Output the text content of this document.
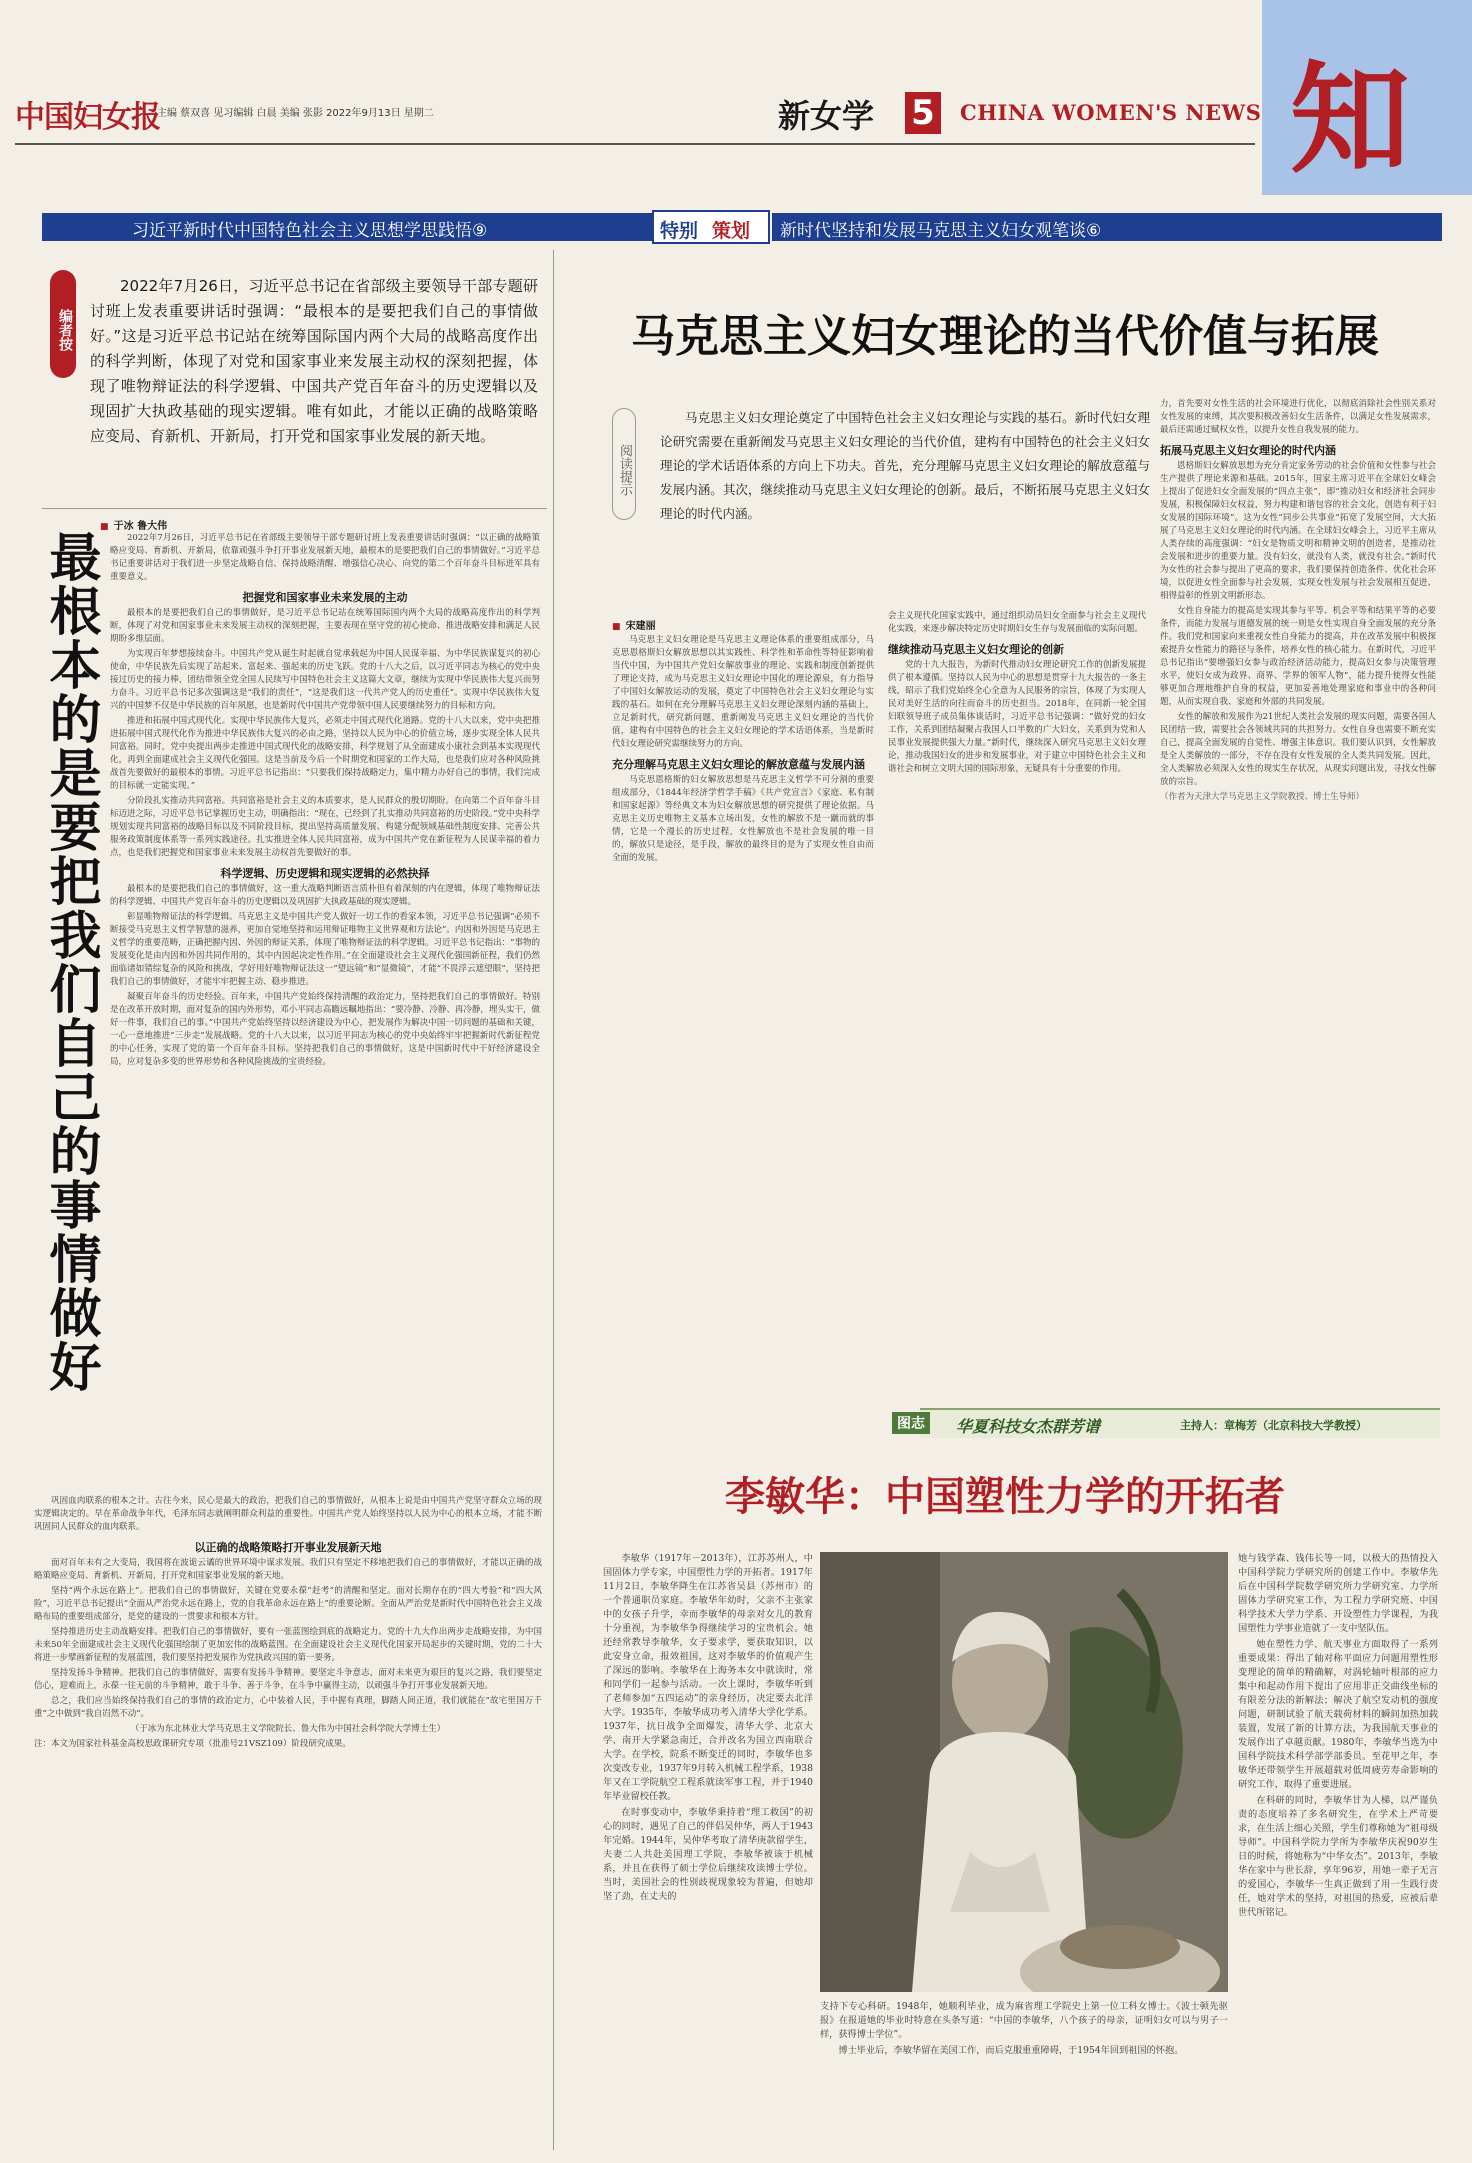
中国妇女报
主编 蔡双喜 见习编辑 白晨 美编 张影 2022年9月13日 星期二	新女学 5 CHINA WOMEN'S NEWS 知
习近平新时代中国特色社会主义思想学思践悟⑨	特别 策划 新时代坚持和发展马克思主义妇女观笔谈⑥
编者按
2022年7月26日，习近平总书记在省部级主要领导干部专题研讨班上发表重要讲话时强调：“最根本的是要把我们自己的事情做好。”这是习近平总书记站在统筹国际国内两个大局的战略高度作出的科学判断，体现了对党和国家事业来发展主动权的深刻把握，体现了唯物辩证法的科学逻辑、中国共产党百年奋斗的历史逻辑以及现固扩大执政基础的现实逻辑。唯有如此，才能以正确的战略策略应变局、育新机、开新局，打开党和国家事业发展的新天地。
最根本的是要把我们自己的事情做好
■ 于冰 鲁大伟

2022年7月26日，习近平总书记在省部级主要领导干部专题研讨班上发表重要讲话时强调：“以正确的战略策略应变局、育新机、开新局，依靠顽强斗争打开事业发展新天地，最根本的是要把我们自己的事情做好。”习近平总书记重要讲话对于我们进一步坚定战略自信、保持战略清醒、增强信心决心、向党的第二个百年奋斗目标进军具有重要意义。

把握党和国家事业未来发展的主动

最根本的是要把我们自己的事情做好，是习近平总书记站在统筹国际国内两个大局的战略高度作出的科学判断，体现了对党和国家事业未来发展主动权的深刻把握，主要表现在坚守党的初心使命、推进战略安排和满足人民期盼多维层面。

为实现百年梦想接续奋斗。中国共产党从诞生时起就自觉承载起为中国人民谋幸福、为中华民族谋复兴的初心使命，中华民族先后实现了站起来、富起来、强起来的历史飞跃。党的十八大之后，以习近平同志为核心的党中央接过历史的接力棒，团结带领全党全国人民续写中国特色社会主义这篇大文章，继续为实现中华民族伟大复兴而努力奋斗。习近平总书记多次强调这是“我们的责任”，“这是我们这一代共产党人的历史重任”。实现中华民族伟大复兴的中国梦不仅是中华民族的百年夙愿，也是新时代中国共产党带领中国人民要继续努力的目标和方向。

推进和拓展中国式现代化。实现中华民族伟大复兴，必须走中国式现代化道路。党的十八大以来，党中央把推进拓展中国式现代化作为推进中华民族伟大复兴的必由之路，坚持以人民为中心的价值立场，逐步实现全体人民共同富裕。同时，党中央提出两步走推进中国式现代化的战略安排，科学规划了从全面建成小康社会到基本实现现代化，再到全面建成社会主义现代化强国。这是当前及今后一个时期党和国家的工作大局，也是我们应对各种风险挑战首先要做好的最根本的事情。习近平总书记指出：“只要我们保持战略定力，集中精力办好自己的事情，我们完成的目标就一定能实现。”

分阶段扎实推动共同富裕。共同富裕是社会主义的本质要求，是人民群众的殷切期盼。在向第二个百年奋斗目标迈进之际，习近平总书记掌握历史主动，明确指出：“现在，已经到了扎实推动共同富裕的历史阶段。”党中央科学规划实现共同富裕的战略目标以及不同阶段目标，提出坚持高质量发展、构建分配领域基础性制度安排、完善公共服务政策制度体系等一系列实践途径。扎实推进全体人民共同富裕，成为中国共产党在新征程为人民谋幸福的着力点，也是我们把握党和国家事业未来发展主动权首先要做好的事。

科学逻辑、历史逻辑和现实逻辑的必然抉择

最根本的是要把我们自己的事情做好，这一重大战略判断语言质朴但有着深刻的内在逻辑，体现了唯物辩证法的科学逻辑、中国共产党百年奋斗的历史逻辑以及巩固扩大执政基础的现实逻辑。

彰显唯物辩证法的科学逻辑。马克思主义是中国共产党人做好一切工作的看家本领，习近平总书记强调“必须不断接受马克思主义哲学智慧的滋养，更加自觉地坚持和运用辩证唯物主义世界观和方法论”。内因和外因是马克思主义哲学的重要范畴，正确把握内因、外因的辩证关系，体现了唯物辩证法的科学逻辑。习近平总书记指出：“事物的发展变化是由内因和外因共同作用的，其中内因起决定性作用。”在全面建设社会主义现代化强国新征程，我们仍然面临诸如错综复杂的风险和挑战，学好用好唯物辩证法这一“望远镜”和“显微镜”，才能“不畏浮云遮望眼”，坚持把我们自己的事情做好，才能牢牢把握主动、稳步推进。

凝聚百年奋斗的历史经验。百年来，中国共产党始终保持清醒的政治定力，坚持把我们自己的事情做好。特别是在改革开放时期，面对复杂的国内外形势，邓小平同志高瞻远瞩地指出：“要冷静、冷静、再冷静，埋头实干，做好一件事，我们自己的事。”中国共产党始终坚持以经济建设为中心，把发展作为解决中国一切问题的基础和关键，一心一意地推进“三步走”发展战略。党的十八大以来，以习近平同志为核心的党中央始终牢牢把握新时代新征程党的中心任务，实现了党的第一个百年奋斗目标。坚持把我们自己的事情做好，这是中国新时代中干好经济建设全局，应对复杂多变的世界形势和各种风险挑战的宝贵经验。

巩固血肉联系的根本之计。古往今来，民心是最大的政治，把我们自己的事情做好，从根本上说是由中国共产党坚守群众立场的现实逻辑决定的。早在革命战争年代，毛泽东同志就阐明群众利益的重要性。中国共产党人始终坚持以人民为中心的根本立场，才能不断巩固同人民群众的血肉联系。

以正确的战略策略打开事业发展新天地

面对百年未有之大变局，我国将在波诡云谲的世界环境中谋求发展。我们只有坚定不移地把我们自己的事情做好，才能以正确的战略策略应变局、育新机、开新局，打开党和国家事业发展的新天地。

坚持“两个永远在路上”。把我们自己的事情做好，关键在党要永葆“赶考”的清醒和坚定。面对长期存在的“四大考验”和“四大风险”，习近平总书记提出“全面从严治党永远在路上，党的自我革命永远在路上”的重要论断。全面从严治党是新时代中国特色社会主义战略布局的重要组成部分，是党的建设的一贯要求和根本方针。

坚持推进历史主动战略安排。把我们自己的事情做好，要有一张蓝图绘到底的战略定力。党的十九大作出两步走战略安排，为中国未来50年全面建成社会主义现代化强国绘制了更加宏伟的战略蓝图。在全面建设社会主义现代化国家开局起步的关键时期，党的二十大将进一步擘画新征程的发展蓝图，我们要坚持把发展作为党执政兴国的第一要务。

坚持发扬斗争精神。把我们自己的事情做好，需要有发扬斗争精神。要坚定斗争意志，面对未来更为艰巨的复兴之路，我们要坚定信心，迎难而上，永葆一往无前的斗争精神，敢于斗争、善于斗争，在斗争中赢得主动，以顽强斗争打开事业发展新天地。

总之，我们应当始终保持我们自己的事情的政治定力，心中装着人民，手中握有真理，脚踏人间正道，我们就能在“故宅里国万千重”之中做到“我自岿然不动”。

（于冰为东北林业大学马克思主义学院院长、鲁大伟为中国社会科学院大学博士生）

注：本文为国家社科基金高校思政课研究专项（批准号21VSZ109）阶段研究成果。

马克思主义妇女理论的当代价值与拓展
阅读提示
马克思主义妇女理论奠定了中国特色社会主义妇女理论与实践的基石。新时代妇女理论研究需要在重新阐发马克思主义妇女理论的当代价值，建构有中国特色的社会主义妇女理论的学术话语体系的方向上下功夫。首先，充分理解马克思主义妇女理论的解放意蕴与发展内涵。其次，继续推动马克思主义妇女理论的创新。最后，不断拓展马克思主义妇女理论的时代内涵。
■ 宋建丽

马克思主义妇女理论是马克思主义理论体系的重要组成部分，马克思恩格斯妇女解放思想以其实践性、科学性和革命性等特征影响着当代中国，为中国共产党妇女解放事业的理论、实践和制度创新提供了理论支持，成为马克思主义妇女理论中国化的理论源泉，有力指导了中国妇女解放运动的发展，奠定了中国特色社会主义妇女理论与实践的基石。如何在充分理解马克思主义妇女理论深刻内涵的基础上，立足新时代，研究新问题，重新阐发马克思主义妇女理论的当代价值，建构有中国特色的社会主义妇女理论的学术话语体系，当是新时代妇女理论研究需继续努力的方向。

充分理解马克思主义妇女理论的解放意蕴与发展内涵

马克思恩格斯的妇女解放思想是马克思主义哲学不可分割的重要组成部分，《1844年经济学哲学手稿》《共产党宣言》《家庭、私有制和国家起源》等经典文本为妇女解放思想的研究提供了理论依据。马克思主义历史唯物主义基本立场出发，女性的解放不是一蹴而就的事情，它是一个漫长的历史过程，女性解放也不是社会发展的唯一目的，解放只是途径，是手段，解放的最终目的是为了实现女性自由而全面的发展。

会主义现代化国家实践中，通过组织动员妇女全面参与社会主义现代化实践，来逐步解决特定历史时期妇女生存与发展面临的实际问题。

继续推动马克思主义妇女理论的创新

党的十九大报告，为新时代推动妇女理论研究工作的创新发展提供了根本遵循。坚持以人民为中心的思想是贯穿十九大报告的一条主线，昭示了我们党始终全心全意为人民服务的宗旨，体现了为实现人民对美好生活的向往而奋斗的历史担当。2018年，在同新一轮全国妇联领导班子成员集体谈话时，习近平总书记强调：“做好党的妇女工作，关系到团结凝聚占我国人口半数的广大妇女，关系到为党和人民事业发展提供强大力量。”新时代，继续深入研究马克思主义妇女理论，推动我国妇女的进步和发展事业，对于建立中国特色社会主义和谐社会和树立文明大国的国际形象，无疑具有十分重要的作用。

力，首先要对女性生活的社会环境进行优化，以彻底消除社会性别关系对女性发展的束缚，其次要积极改善妇女生活条件，以满足女性发展需求，最后还需通过赋权女性，以提升女性自我发展的能力。

拓展马克思主义妇女理论的时代内涵

恩格斯妇女解放思想为充分肯定家务劳动的社会价值和女性参与社会生产提供了理论来源和基础。2015年，国家主席习近平在全球妇女峰会上提出了促进妇女全面发展的“四点主张”，即“推动妇女和经济社会同步发展，积极保障妇女权益，努力构建和谐包容的社会文化，创造有利于妇女发展的国际环境”。这为女性“同步公共事业”拓宽了发展空间，大大拓展了马克思主义妇女理论的时代内涵。在全球妇女峰会上，习近平主席从人类存续的高度强调：“妇女是物质文明和精神文明的创造者，是推动社会发展和进步的重要力量。没有妇女，就没有人类，就没有社会。”新时代为女性的社会参与提出了更高的要求，我们要保持创造条件、优化社会环境，以促进女性全面参与社会发展，实现女性发展与社会发展相互促进、相得益彰的性别文明新形态。

女性自身能力的提高是实现其参与平等、机会平等和结果平等的必要条件，而能力发展与道德发展的统一则是女性实现自身全面发展的充分条件。我们党和国家向来重视女性自身能力的提高，并在改革发展中积极探索提升女性能力的路径与条件，培养女性的核心能力。在新时代，习近平总书记指出“要增强妇女参与政治经济活动能力，提高妇女参与决策管理水平，使妇女成为政界、商界、学界的领军人物”，能力提升使得女性能够更加合理地维护自身的权益，更加妥善地处理家庭和事业中的各种问题，从而实现自我、家庭和外部的共同发展。

女性的解放和发展作为21世纪人类社会发展的现实问题，需要各国人民团结一致，需要社会各领域共同的共担努力。女性自身也需要不断充实自己，提高全面发展的自觉性、增强主体意识。我们要认识到，女性解放是全人类解放的一部分，不存在没有女性发展的全人类共同发展。因此，全人类解放必须深入女性的现实生存状况，从现实问题出发，寻找女性解放的宗旨。

（作者为天津大学马克思主义学院教授、博士生导师）

图志	华夏科技女杰群芳谱	主持人：章梅芳（北京科技大学教授）
李敏华：中国塑性力学的开拓者

李敏华（1917年－2013年），江苏苏州人，中国固体力学专家，中国塑性力学的开拓者。1917年11月2日，李敏华降生在江苏省吴县（苏州市）的一个普通职员家庭。李敏华年幼时，父亲不主张家中的女孩子升学，幸而李敏华的母亲对女儿的教育十分重视，为李敏华争得继续学习的宝贵机会。她还经常教导李敏华，女子要求学，要获取知识，以此安身立命，报效祖国，这对李敏华的价值观产生了深远的影响。李敏华在上海务本女中就读时，常和同学们一起参与活动。一次上课时，李敏华听到了老师参加“五四运动”的亲身经历，决定要去北洋大学。1935年，李敏华成功考入清华大学化学系。1937年，抗日战争全面爆发，清华大学、北京大学、南开大学紧急南迁，合并改名为国立西南联合大学。在学校，院系不断变迁的同时，李敏华也多次变改专业，1937年9月转入机械工程学系，1938年又在工学院航空工程系就读军事工程，并于1940年毕业留校任教。

在时事变动中，李敏华秉持着“理工救国”的初心的同时，遇见了自己的伴侣吴仲华，两人于1943年完婚。1944年，吴仲华考取了清华庚款留学生，夫妻二人共赴美国理工学院，李敏华被该于机械系，并且在获得了硕士学位后继续攻读博士学位。当时，美国社会的性别歧视现象较为普遍，但她却坚了劲，在丈夫的

支持下专心科研。1948年，她顺利毕业，成为麻省理工学院史上第一位工科女博士。《波士顿先驱报》在报道她的毕业时特意在头条写道：“中国的李敏华，八个孩子的母亲，证明妇女可以与男子一样，获得博士学位”。

博士毕业后，李敏华留在美国工作，而后克服重重障碍，于1954年回到祖国的怀抱。

她与钱学森、钱伟长等一同，以极大的热情投入中国科学院力学研究所的创建工作中。李敏华先后在中国科学院数学研究所力学研究室、力学所固体力学研究室工作，为工程力学研究班、中国科学技术大学力学系、开设塑性力学课程，为我国塑性力学事业造就了一支中坚队伍。

她在塑性力学、航天事业方面取得了一系列重要成果：得出了轴对称平面应力问题用塑性形变理论的简单的精确解，对涡轮轴叶根部的应力集中和起动作用下提出了应用非正交曲线坐标的有限差分法的新解法；解决了航空发动机的强度问题，研制试验了航天载荷材料的瞬间加热加载装置，发展了新的计算方法，为我国航天事业的发展作出了卓越贡献。1980年，李敏华当选为中国科学院技术科学部学部委员。至花甲之年，李敏华还带领学生开展超载对低周疲劳寿命影响的研究工作，取得了重要进展。

在科研的同时，李敏华甘为人梯，以严谨负责的态度培养了多名研究生，在学术上严苛要求，在生活上细心关照，学生们尊称她为“祖母级导师”。中国科学院力学所为李敏华庆祝90岁生日的时候，将她称为“中华女杰”。2013年，李敏华在家中与世长辞，享年96岁，用她一辈子无言的爱国心，李敏华一生真正做到了用一生践行责任，她对学术的坚持，对祖国的热爱，应被后辈世代所铭记。
